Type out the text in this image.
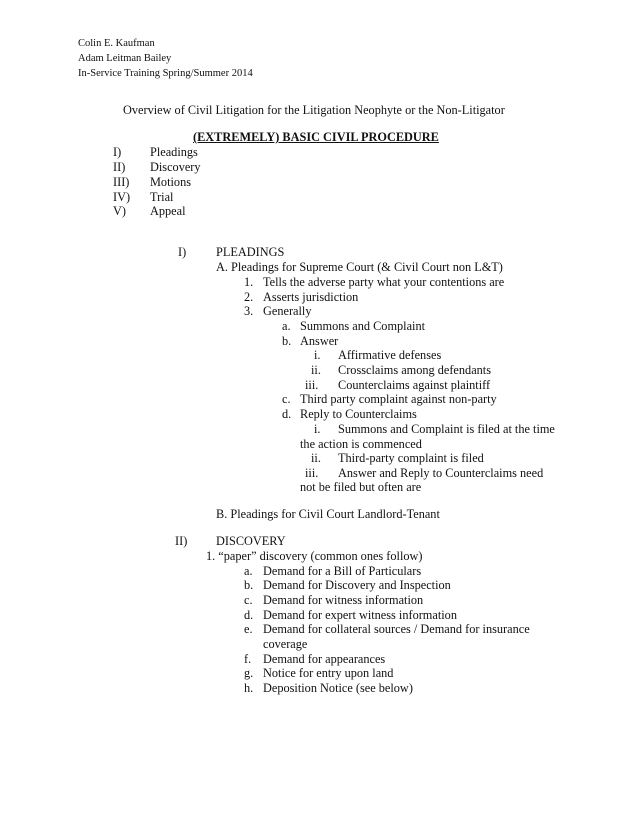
Colin E. Kaufman
Adam Leitman Bailey
In-Service Training Spring/Summer 2014
Overview of Civil Litigation for the Litigation Neophyte or the Non-Litigator
(EXTREMELY) BASIC CIVIL PROCEDURE
I) Pleadings
II) Discovery
III) Motions
IV) Trial
V) Appeal
I) PLEADINGS
A. Pleadings for Supreme Court (& Civil Court non L&T)
1. Tells the adverse party what your contentions are
2. Asserts jurisdiction
3. Generally
a. Summons and Complaint
b. Answer
i. Affirmative defenses
ii. Crossclaims among defendants
iii. Counterclaims against plaintiff
c. Third party complaint against non-party
d. Reply to Counterclaims
i. Summons and Complaint is filed at the time
the action is commenced
ii. Third-party complaint is filed
iii. Answer and Reply to Counterclaims need
not be filed but often are
B. Pleadings for Civil Court Landlord-Tenant
II) DISCOVERY
1. “paper” discovery (common ones follow)
a. Demand for a Bill of Particulars
b. Demand for Discovery and Inspection
c. Demand for witness information
d. Demand for expert witness information
e. Demand for collateral sources / Demand for insurance
coverage
f. Demand for appearances
g. Notice for entry upon land
h. Deposition Notice (see below)
